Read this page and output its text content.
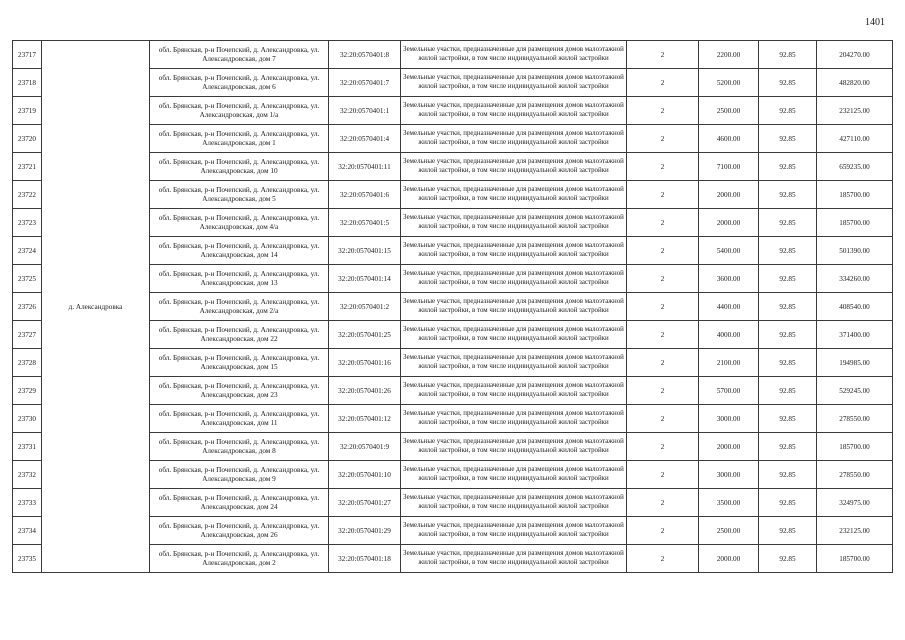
1401
23717	д. Александровка	обл. Брянская, р-н Почепский, д. Александровка, ул. Александровская, дом 7	32:20:0570401:8	Земельные участки, предназначенные для размещения домов малоэтажной жилой застройки, в том числе индивидуальной жилой застройки	2	2200.00	92.85	204270.00
23718		обл. Брянская, р-н Почепский, д. Александровка, ул. Александровская, дом 6	32:20:0570401:7	Земельные участки, предназначенные для размещения домов малоэтажной жилой застройки, в том числе индивидуальной жилой застройки	2	5200.00	92.85	482820.00
23719		обл. Брянская, р-н Почепский, д. Александровка, ул. Александровская, дом 1/а	32:20:0570401:1	Земельные участки, предназначенные для размещения домов малоэтажной жилой застройки, в том числе индивидуальной жилой застройки	2	2500.00	92.85	232125.00
23720		обл. Брянская, р-н Почепский, д. Александровка, ул. Александровская, дом 1	32:20:0570401:4	Земельные участки, предназначенные для размещения домов малоэтажной жилой застройки, в том числе индивидуальной жилой застройки	2	4600.00	92.85	427110.00
23721		обл. Брянская, р-н Почепский, д. Александровка, ул. Александровская, дом 10	32:20:0570401:11	Земельные участки, предназначенные для размещения домов малоэтажной жилой застройки, в том числе индивидуальной жилой застройки	2	7100.00	92.85	659235.00
23722		обл. Брянская, р-н Почепский, д. Александровка, ул. Александровская, дом 5	32:20:0570401:6	Земельные участки, предназначенные для размещения домов малоэтажной жилой застройки, в том числе индивидуальной жилой застройки	2	2000.00	92.85	185700.00
23723		обл. Брянская, р-н Почепский, д. Александровка, ул. Александровская, дом 4/а	32:20:0570401:5	Земельные участки, предназначенные для размещения домов малоэтажной жилой застройки, в том числе индивидуальной жилой застройки	2	2000.00	92.85	185700.00
23724		обл. Брянская, р-н Почепский, д. Александровка, ул. Александровская, дом 14	32:20:0570401:15	Земельные участки, предназначенные для размещения домов малоэтажной жилой застройки, в том числе индивидуальной жилой застройки	2	5400.00	92.85	501390.00
23725		обл. Брянская, р-н Почепский, д. Александровка, ул. Александровская, дом 13	32:20:0570401:14	Земельные участки, предназначенные для размещения домов малоэтажной жилой застройки, в том числе индивидуальной жилой застройки	2	3600.00	92.85	334260.00
23726		обл. Брянская, р-н Почепский, д. Александровка, ул. Александровская, дом 2/а	32:20:0570401:2	Земельные участки, предназначенные для размещения домов малоэтажной жилой застройки, в том числе индивидуальной жилой застройки	2	4400.00	92.85	408540.00
23727		обл. Брянская, р-н Почепский, д. Александровка, ул. Александровская, дом 22	32:20:0570401:25	Земельные участки, предназначенные для размещения домов малоэтажной жилой застройки, в том числе индивидуальной жилой застройки	2	4000.00	92.85	371400.00
23728		обл. Брянская, р-н Почепский, д. Александровка, ул. Александровская, дом 15	32:20:0570401:16	Земельные участки, предназначенные для размещения домов малоэтажной жилой застройки, в том числе индивидуальной жилой застройки	2	2100.00	92.85	194985.00
23729		обл. Брянская, р-н Почепский, д. Александровка, ул. Александровская, дом 23	32:20:0570401:26	Земельные участки, предназначенные для размещения домов малоэтажной жилой застройки, в том числе индивидуальной жилой застройки	2	5700.00	92.85	529245.00
23730		обл. Брянская, р-н Почепский, д. Александровка, ул. Александровская, дом 11	32:20:0570401:12	Земельные участки, предназначенные для размещения домов малоэтажной жилой застройки, в том числе индивидуальной жилой застройки	2	3000.00	92.85	278550.00
23731		обл. Брянская, р-н Почепский, д. Александровка, ул. Александровская, дом 8	32:20:0570401:9	Земельные участки, предназначенные для размещения домов малоэтажной жилой застройки, в том числе индивидуальной жилой застройки	2	2000.00	92.85	185700.00
23732		обл. Брянская, р-н Почепский, д. Александровка, ул. Александровская, дом 9	32:20:0570401:10	Земельные участки, предназначенные для размещения домов малоэтажной жилой застройки, в том числе индивидуальной жилой застройки	2	3000.00	92.85	278550.00
23733		обл. Брянская, р-н Почепский, д. Александровка, ул. Александровская, дом 24	32:20:0570401:27	Земельные участки, предназначенные для размещения домов малоэтажной жилой застройки, в том числе индивидуальной жилой застройки	2	3500.00	92.85	324975.00
23734		обл. Брянская, р-н Почепский, д. Александровка, ул. Александровская, дом 26	32:20:0570401:29	Земельные участки, предназначенные для размещения домов малоэтажной жилой застройки, в том числе индивидуальной жилой застройки	2	2500.00	92.85	232125.00
23735		обл. Брянская, р-н Почепский, д. Александровка, ул. Александровская, дом 2	32:20:0570401:18	Земельные участки, предназначенные для размещения домов малоэтажной жилой застройки, в том числе индивидуальной жилой застройки	2	2000.00	92.85	185700.00
